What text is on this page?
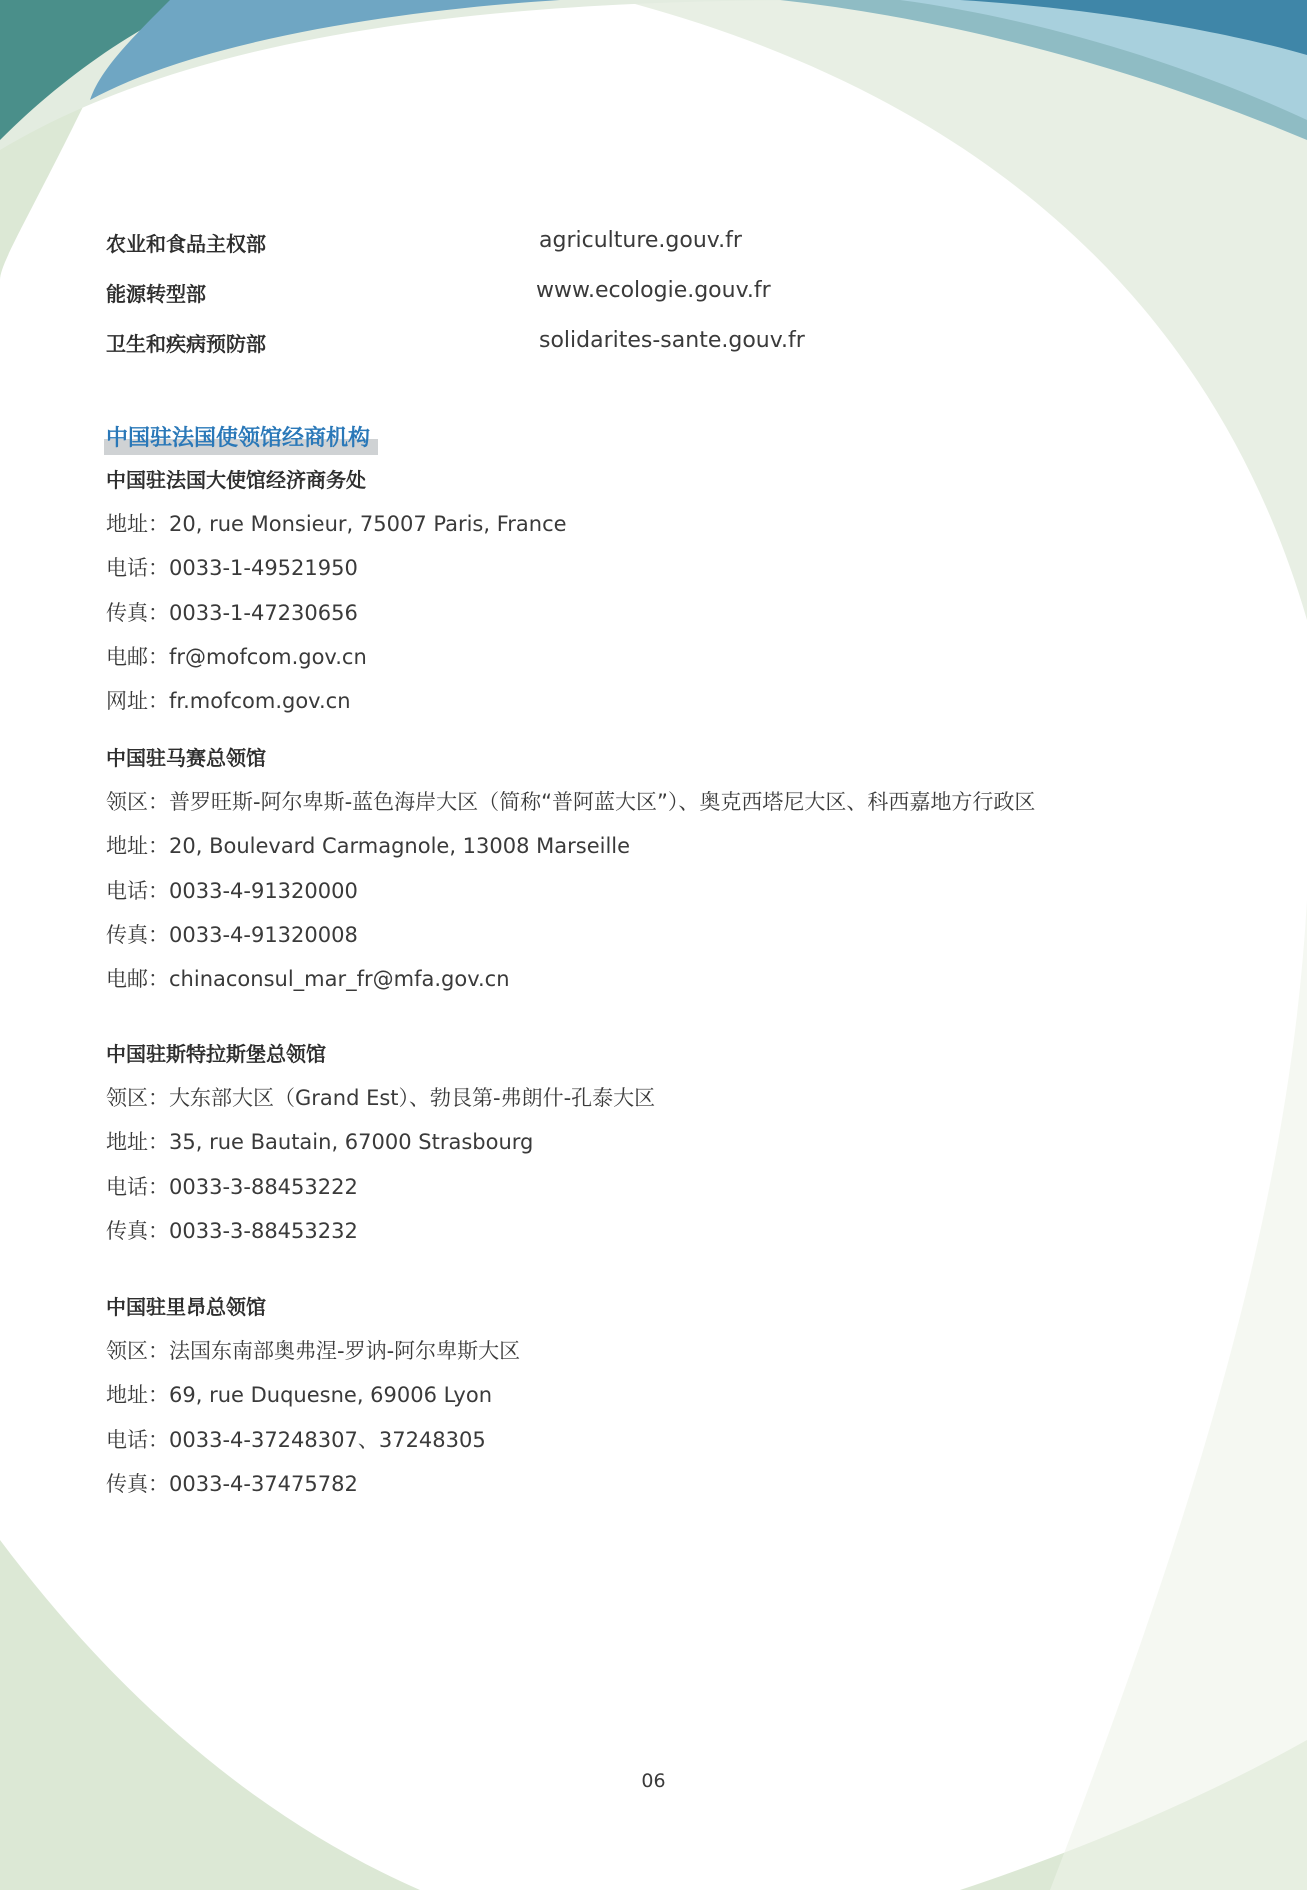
农业和食品主权部	agriculture.gouv.fr
能源转型部	www.ecologie.gouv.fr
卫生和疾病预防部	solidarites-sante.gouv.fr
中国驻法国使领馆经商机构
中国驻法国大使馆经济商务处
地址：20, rue Monsieur, 75007 Paris, France
电话：0033-1-49521950
传真：0033-1-47230656
电邮：fr@mofcom.gov.cn
网址：fr.mofcom.gov.cn
中国驻马赛总领馆
领区：普罗旺斯-阿尔卑斯-蓝色海岸大区（简称“普阿蓝大区”）、奥克西塔尼大区、科西嘉地方行政区
地址：20, Boulevard Carmagnole, 13008 Marseille
电话：0033-4-91320000
传真：0033-4-91320008
电邮：chinaconsul_mar_fr@mfa.gov.cn
中国驻斯特拉斯堡总领馆
领区：大东部大区（Grand Est）、勃艮第-弗朗什-孔泰大区
地址：35, rue Bautain, 67000 Strasbourg
电话：0033-3-88453222
传真：0033-3-88453232
中国驻里昂总领馆
领区：法国东南部奥弗涅-罗讷-阿尔卑斯大区
地址：69, rue Duquesne, 69006 Lyon
电话：0033-4-37248307、37248305
传真：0033-4-37475782
06
